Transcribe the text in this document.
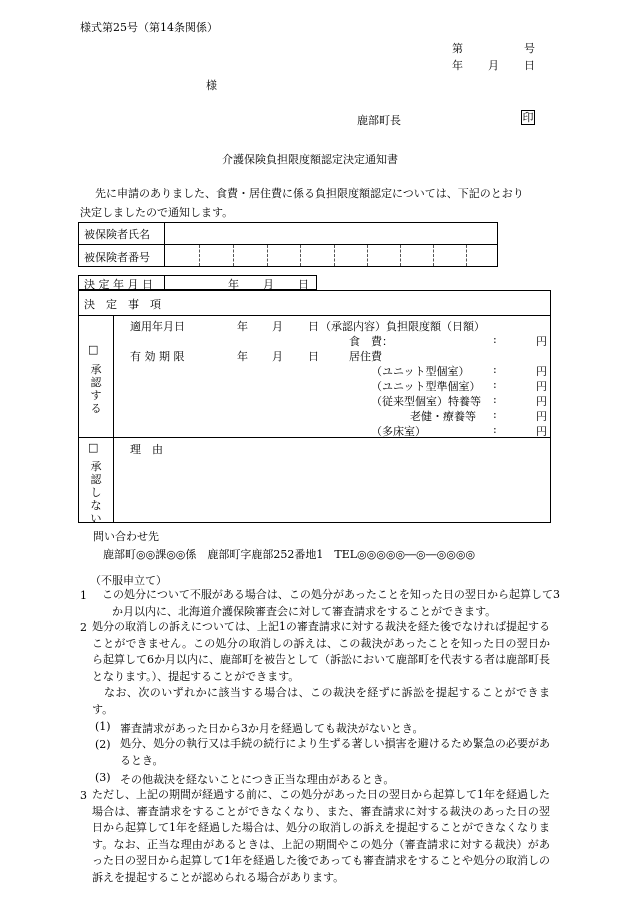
様式第25号（第14条関係）
第	号
年 月 日
様
鹿部町長	印
介護保険負担限度額認定決定通知書
先に申請のありました、食費・居住費に係る負担限度額認定については、下記のとおり
決定しましたので通知します。
被保険者氏名
被保険者番号
決 定 年 月 日	年 月 日
決　定　事　項
□
承認する
適用年月日	年 月 日 （承認内容）負担限度額（日額）
有 効 期 限	年 月 日
食　費：	:	円
居住費
（ユニット型個室） :	円
（ユニット型準個室） :	円
（従来型個室）特養等 :	円
老健・療養等 :	円
（多床室）	:	円
□
承認しない
理　由
問い合わせ先
鹿部町◎◎課◎◎係　鹿部町字鹿部252番地1　TEL◎◎◎◎◎―◎―◎◎◎◎
（不服申立て）
1 この処分について不服がある場合は、この処分があったことを知った日の翌日から起算して3か月以内に、北海道介護保険審査会に対して審査請求をすることができます。
2 処分の取消しの訴えについては、上記1の審査請求に対する裁決を経た後でなければ提起することができません。この処分の取消しの訴えは、この裁決があったことを知った日の翌日から起算して6か月以内に、鹿部町を被告として（訴訟において鹿部町を代表する者は鹿部町長となります。）、提起することができます。
なお、次のいずれかに該当する場合は、この裁決を経ずに訴訟を提起することができます。
(1) 審査請求があった日から3か月を経過しても裁決がないとき。
(2) 処分、処分の執行又は手続の続行により生ずる著しい損害を避けるため緊急の必要があるとき。
(3) その他裁決を経ないことにつき正当な理由があるとき。
3 ただし、上記の期間が経過する前に、この処分があった日の翌日から起算して1年を経過した場合は、審査請求をすることができなくなり、また、審査請求に対する裁決のあった日の翌日から起算して1年を経過した場合は、処分の取消しの訴えを提起することができなくなります。なお、正当な理由があるときは、上記の期間やこの処分（審査請求に対する裁決）があった日の翌日から起算して1年を経過した後であっても審査請求をすることや処分の取消しの訴えを提起することが認められる場合があります。
